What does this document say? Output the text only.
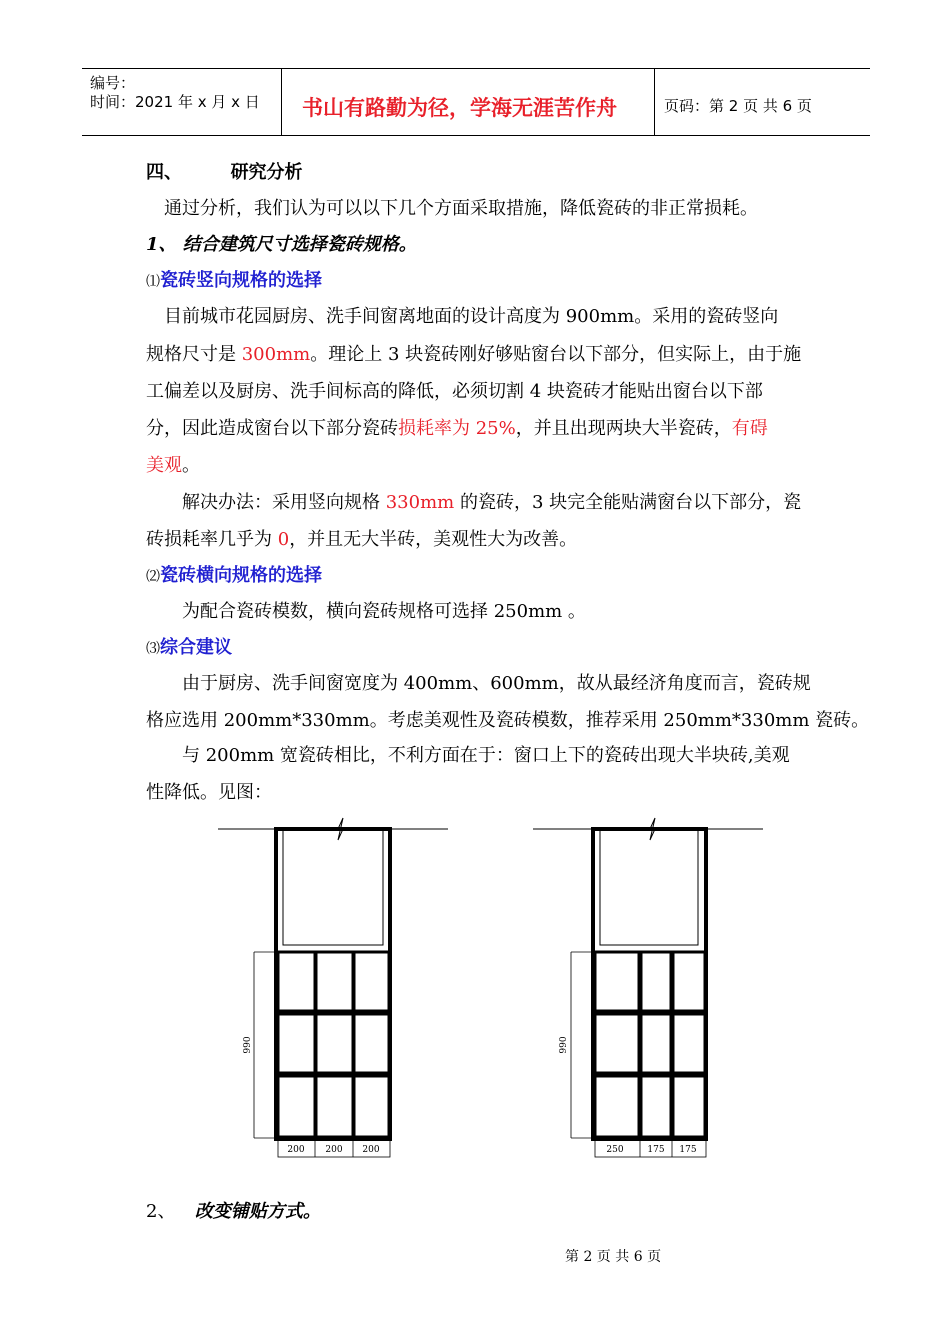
编号：
时间：2021 年 x 月 x 日 书山有路勤为径，学海无涯苦作舟	页码：第 2 页 共 6 页
四、	研究分析
通过分析，我们认为可以以下几个方面采取措施，降低瓷砖的非正常损耗。
1、 结合建筑尺寸选择瓷砖规格。
⑴瓷砖竖向规格的选择
目前城市花园厨房、洗手间窗离地面的设计高度为 900mm。采用的瓷砖竖向
规格尺寸是 300mm。理论上 3 块瓷砖刚好够贴窗台以下部分，但实际上，由于施
工偏差以及厨房、洗手间标高的降低，必须切割 4 块瓷砖才能贴出窗台以下部
分，因此造成窗台以下部分瓷砖损耗率为 25%，并且出现两块大半瓷砖，有碍
美观。
解决办法：采用竖向规格 330mm 的瓷砖，3 块完全能贴满窗台以下部分，瓷
砖损耗率几乎为 0，并且无大半砖，美观性大为改善。
⑵瓷砖横向规格的选择
为配合瓷砖模数，横向瓷砖规格可选择 250mm 。
⑶综合建议
由于厨房、洗手间窗宽度为 400mm、600mm，故从最经济角度而言，瓷砖规
格应选用 200mm*330mm。考虑美观性及瓷砖模数，推荐采用 250mm*330mm 瓷砖。
与 200mm 宽瓷砖相比，不利方面在于：窗口上下的瓷砖出现大半块砖,美观
性降低。见图：
990
200 200 200
990
250	175 175
2、 改变铺贴方式。
第 2 页 共 6 页
